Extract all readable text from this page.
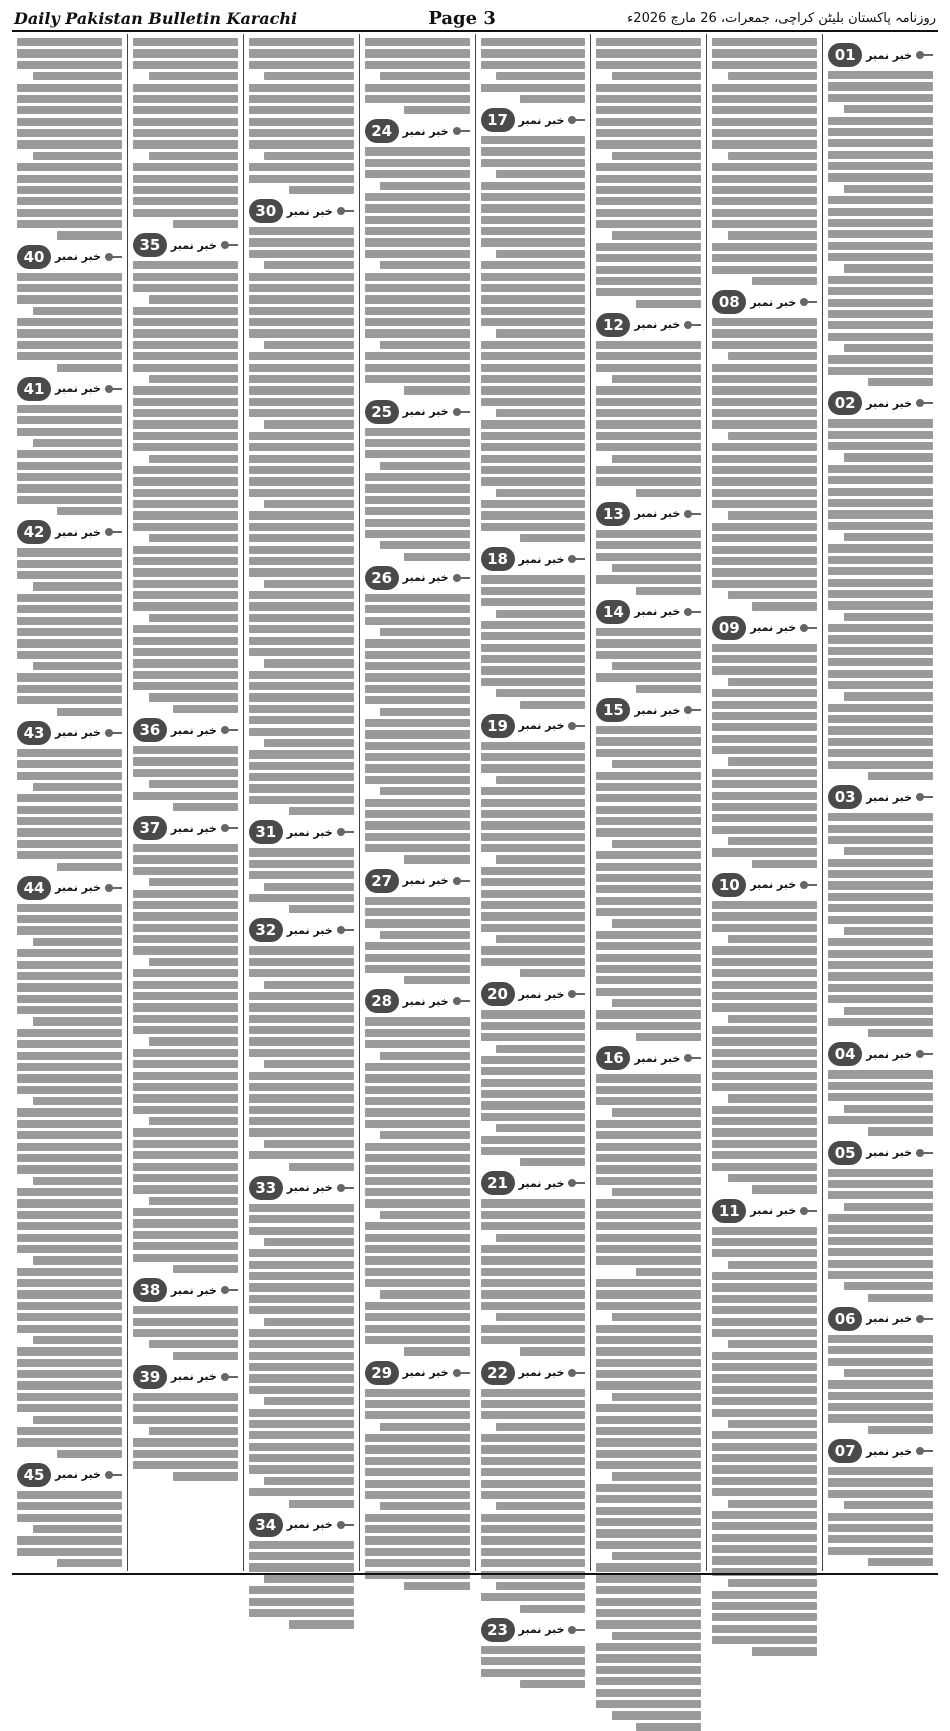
Daily Pakistan Bulletin Karachi	Page 3	روزنامہ پاکستان بلیٹن کراچی، جمعرات، 26 مارچ 2026ء
01 خبر نمبر
02 خبر نمبر
03 خبر نمبر
04 خبر نمبر
05 خبر نمبر
06 خبر نمبر
07 خبر نمبر
08 خبر نمبر
09 خبر نمبر
10 خبر نمبر
11 خبر نمبر
12 خبر نمبر
13 خبر نمبر
14 خبر نمبر
15 خبر نمبر
16 خبر نمبر
17 خبر نمبر
18 خبر نمبر
19 خبر نمبر
20 خبر نمبر
21 خبر نمبر
22 خبر نمبر
23 خبر نمبر
24 خبر نمبر
25 خبر نمبر
26 خبر نمبر
27 خبر نمبر
28 خبر نمبر
29 خبر نمبر
30 خبر نمبر
31 خبر نمبر
32 خبر نمبر
33 خبر نمبر
34 خبر نمبر
35 خبر نمبر
36 خبر نمبر
37 خبر نمبر
38 خبر نمبر
39 خبر نمبر
40 خبر نمبر
41 خبر نمبر
42 خبر نمبر
43 خبر نمبر
44 خبر نمبر
45 خبر نمبر
